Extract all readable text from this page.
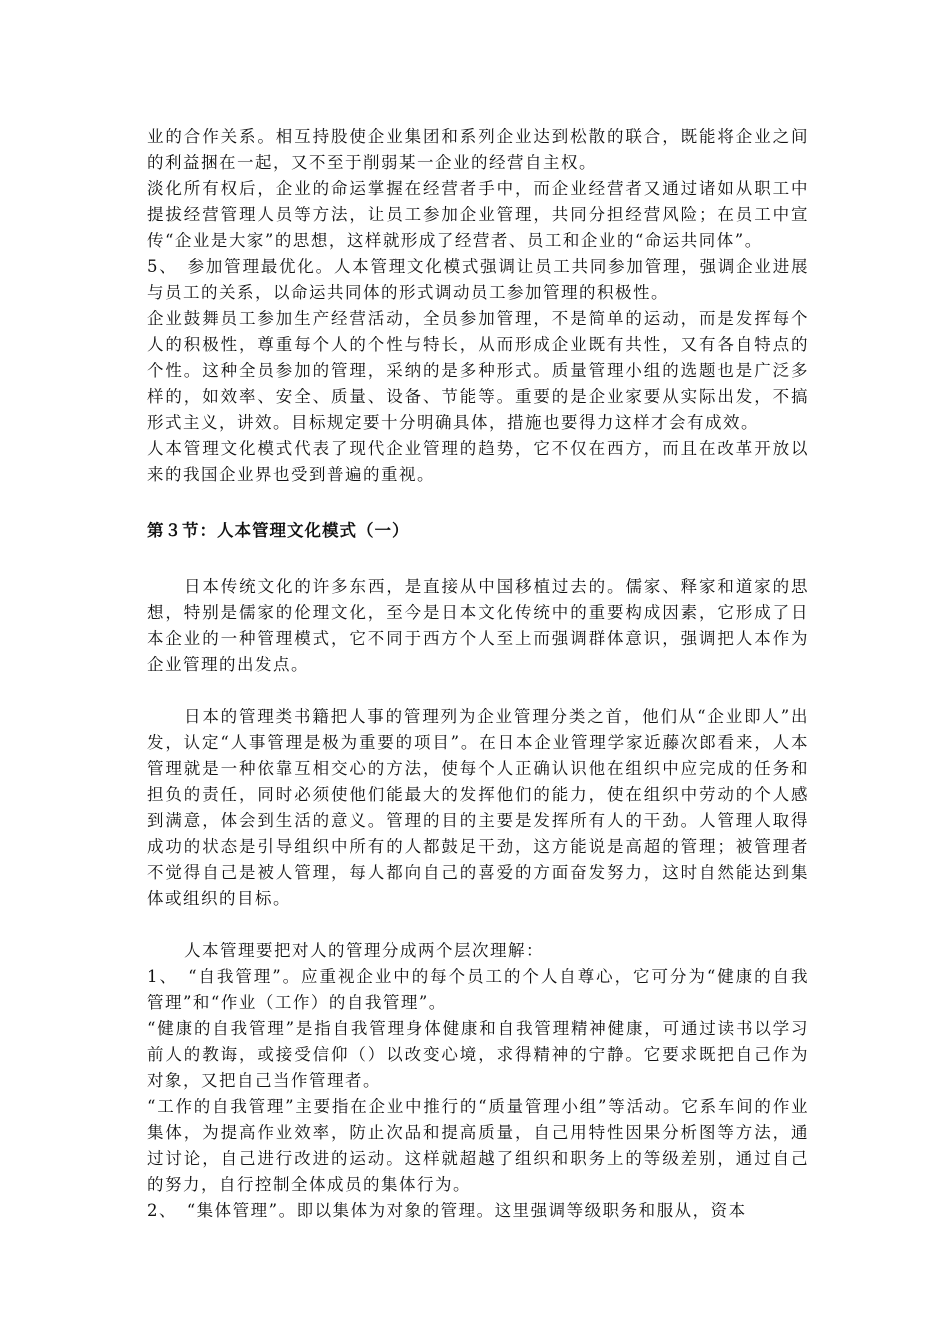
业的合作关系。相互持股使企业集团和系列企业达到松散的联合，既能将企业之间的利益捆在一起，又不至于削弱某一企业的经营自主权。

淡化所有权后，企业的命运掌握在经营者手中，而企业经营者又通过诸如从职工中提拔经营管理人员等方法，让员工参加企业管理，共同分担经营风险；在员工中宣传“企业是大家”的思想，这样就形成了经营者、员工和企业的“命运共同体”。

5、　参加管理最优化。人本管理文化模式强调让员工共同参加管理，强调企业进展与员工的关系，以命运共同体的形式调动员工参加管理的积极性。

企业鼓舞员工参加生产经营活动，全员参加管理，不是简单的运动，而是发挥每个人的积极性，尊重每个人的个性与特长，从而形成企业既有共性，又有各自特点的个性。这种全员参加的管理，采纳的是多种形式。质量管理小组的选题也是广泛多样的，如效率、安全、质量、设备、节能等。重要的是企业家要从实际出发，不搞形式主义，讲效。目标规定要十分明确具体，措施也要得力这样才会有成效。

人本管理文化模式代表了现代企业管理的趋势，它不仅在西方，而且在改革开放以来的我国企业界也受到普遍的重视。

第３节：人本管理文化模式（一）

日本传统文化的许多东西，是直接从中国移植过去的。儒家、释家和道家的思想，特别是儒家的伦理文化，至今是日本文化传统中的重要构成因素，它形成了日本企业的一种管理模式，它不同于西方个人至上而强调群体意识，强调把人本作为企业管理的出发点。

日本的管理类书籍把人事的管理列为企业管理分类之首，他们从“企业即人”出发，认定“人事管理是极为重要的项目”。在日本企业管理学家近藤次郎看来，人本管理就是一种依靠互相交心的方法，使每个人正确认识他在组织中应完成的任务和担负的责任，同时必须使他们能最大的发挥他们的能力，使在组织中劳动的个人感到满意，体会到生活的意义。管理的目的主要是发挥所有人的干劲。人管理人取得成功的状态是引导组织中所有的人都鼓足干劲，这方能说是高超的管理；被管理者不觉得自己是被人管理，每人都向自己的喜爱的方面奋发努力，这时自然能达到集体或组织的目标。

人本管理要把对人的管理分成两个层次理解：

1、　“自我管理”。应重视企业中的每个员工的个人自尊心，它可分为“健康的自我管理”和“作业（工作）的自我管理”。

“健康的自我管理”是指自我管理身体健康和自我管理精神健康，可通过读书以学习前人的教诲，或接受信仰（）以改变心境，求得精神的宁静。它要求既把自己作为对象，又把自己当作管理者。

“工作的自我管理”主要指在企业中推行的“质量管理小组”等活动。它系车间的作业集体，为提高作业效率，防止次品和提高质量，自己用特性因果分析图等方法，通过讨论，自己进行改进的运动。这样就超越了组织和职务上的等级差别，通过自己的努力，自行控制全体成员的集体行为。

2、　“集体管理”。即以集体为对象的管理。这里强调等级职务和服从，资本
